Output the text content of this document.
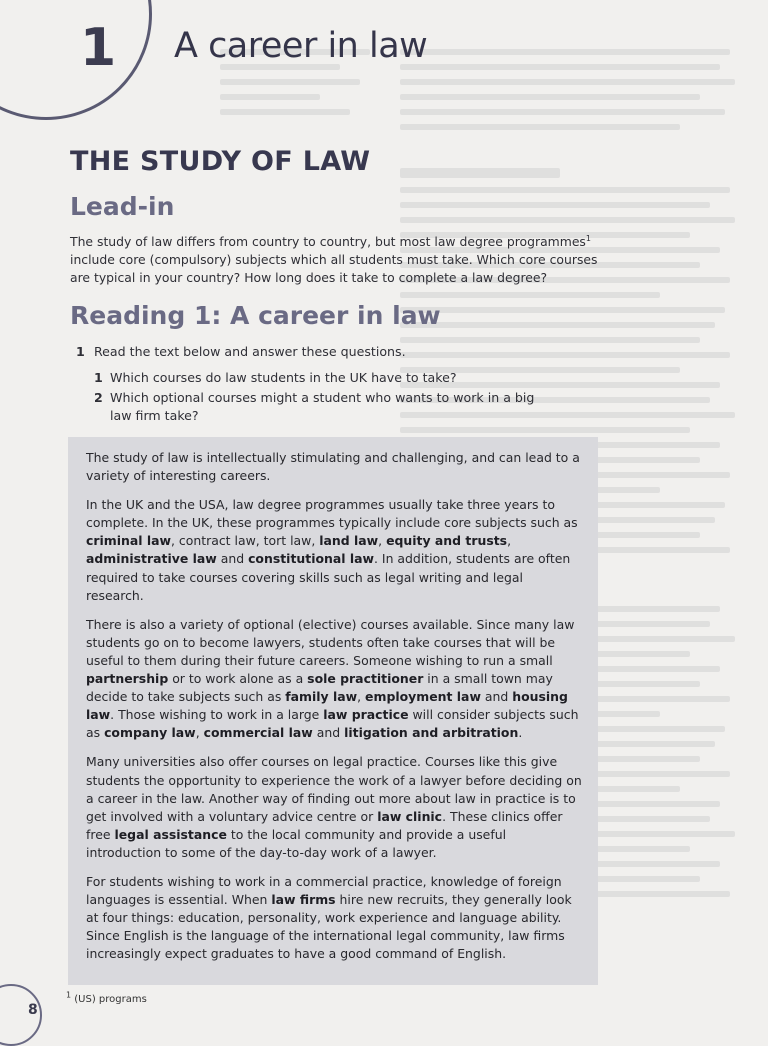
1 A career in law
THE STUDY OF LAW
Lead-in
The study of law differs from country to country, but most law degree programmes$^1$ include core (compulsory) subjects which all students must take. Which core courses are typical in your country? How long does it take to complete a law degree?
Reading 1: A career in law
1 Read the text below and answer these questions.
1 Which courses do law students in the UK have to take?
2 Which optional courses might a student who wants to work in a big law firm take?

The study of law is intellectually stimulating and challenging, and can lead to a variety of interesting careers.

In the UK and the USA, law degree programmes usually take three years to complete. In the UK, these programmes typically include core subjects such as criminal law, contract law, tort law, land law, equity and trusts, administrative law and constitutional law. In addition, students are often required to take courses covering skills such as legal writing and legal research.

There is also a variety of optional (elective) courses available. Since many law students go on to become lawyers, students often take courses that will be useful to them during their future careers. Someone wishing to run a small partnership or to work alone as a sole practitioner in a small town may decide to take subjects such as family law, employment law and housing law. Those wishing to work in a large law practice will consider subjects such as company law, commercial law and litigation and arbitration.

Many universities also offer courses on legal practice. Courses like this give students the opportunity to experience the work of a lawyer before deciding on a career in the law. Another way of finding out more about law in practice is to get involved with a voluntary advice centre or law clinic. These clinics offer free legal assistance to the local community and provide a useful introduction to some of the day-to-day work of a lawyer.

For students wishing to work in a commercial practice, knowledge of foreign languages is essential. When law firms hire new recruits, they generally look at four things: education, personality, work experience and language ability. Since English is the language of the international legal community, law firms increasingly expect graduates to have a good command of English.

$^1$ (US) programs
8
